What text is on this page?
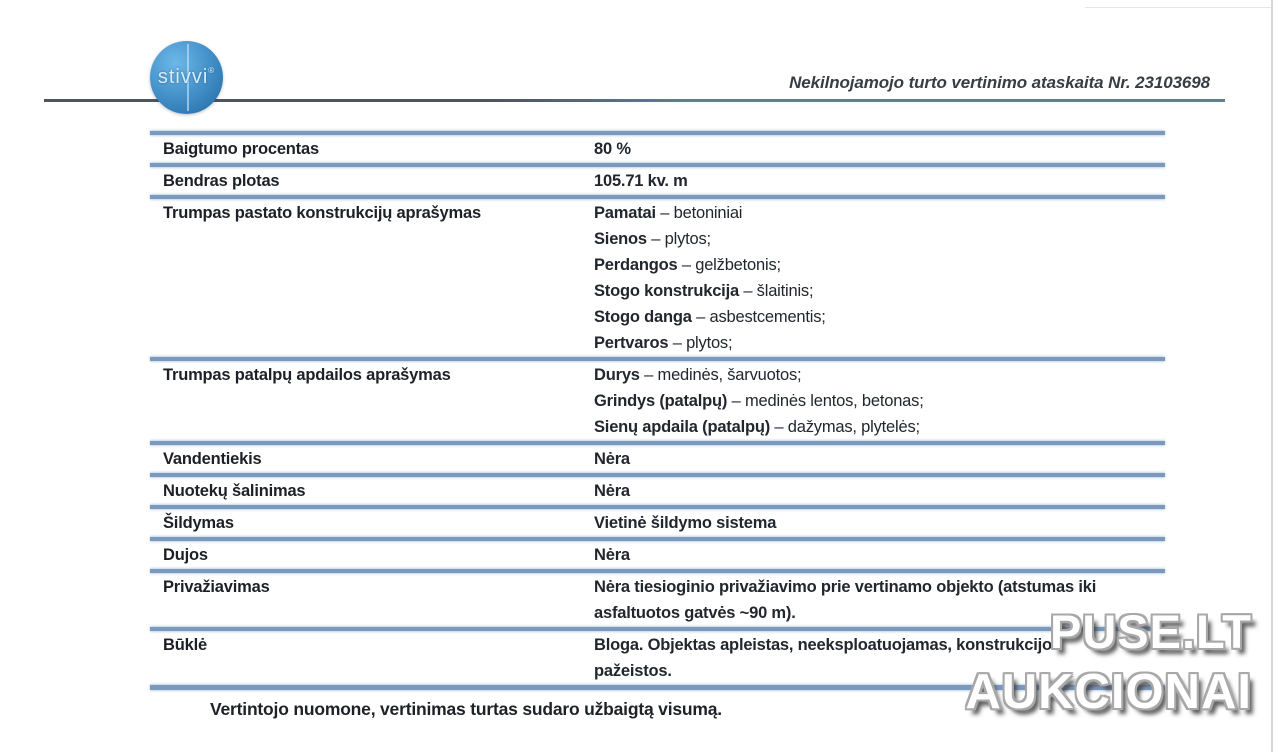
stivvi®
Nekilnojamojo turto vertinimo ataskaita Nr. 23103698
Baigtumo procentas	80 %
Bendras plotas	105.71 kv. m
Trumpas pastato konstrukcijų aprašymas	Pamatai – betoniniai
Sienos – plytos;
Perdangos – gelžbetonis;
Stogo konstrukcija – šlaitinis;
Stogo danga – asbestcementis;
Pertvaros – plytos;
Trumpas patalpų apdailos aprašymas	Durys – medinės, šarvuotos;
Grindys (patalpų) – medinės lentos, betonas;
Sienų apdaila (patalpų) – dažymas, plytelės;
Vandentiekis	Nėra
Nuotekų šalinimas	Nėra
Šildymas	Vietinė šildymo sistema
Dujos	Nėra
Privažiavimas	Nėra tiesioginio privažiavimo prie vertinamo objekto (atstumas iki asfaltuotos gatvės ~90 m).
Būklė	Bloga. Objektas apleistas, neeksploatuojamas, konstrukcijos pažeistos.
Vertintojo nuomone, vertinimas turtas sudaro užbaigtą visumą.
PUSE.LT
AUKCIONAI
